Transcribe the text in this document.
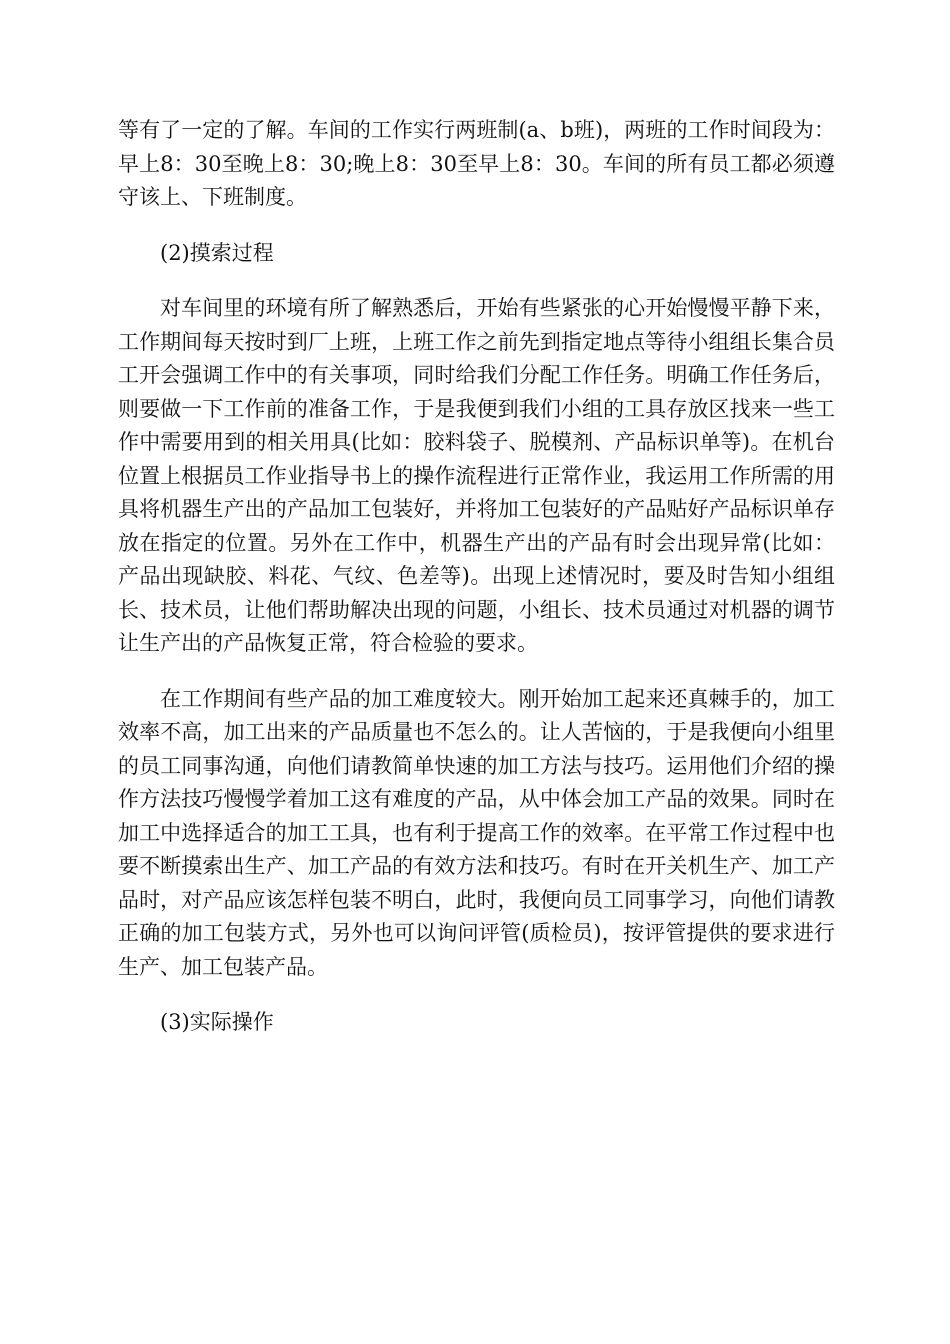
等有了一定的了解。车间的工作实行两班制(a、b班)，两班的工作时间段为：早上8：30至晚上8：30;晚上8：30至早上8：30。车间的所有员工都必须遵守该上、下班制度。

(2)摸索过程

对车间里的环境有所了解熟悉后，开始有些紧张的心开始慢慢平静下来，工作期间每天按时到厂上班，上班工作之前先到指定地点等待小组组长集合员工开会强调工作中的有关事项，同时给我们分配工作任务。明确工作任务后，则要做一下工作前的准备工作，于是我便到我们小组的工具存放区找来一些工作中需要用到的相关用具(比如：胶料袋子、脱模剂、产品标识单等)。在机台位置上根据员工作业指导书上的操作流程进行正常作业，我运用工作所需的用具将机器生产出的产品加工包装好，并将加工包装好的产品贴好产品标识单存放在指定的位置。另外在工作中，机器生产出的产品有时会出现异常(比如：产品出现缺胶、料花、气纹、色差等)。出现上述情况时，要及时告知小组组长、技术员，让他们帮助解决出现的问题，小组长、技术员通过对机器的调节让生产出的产品恢复正常，符合检验的要求。

在工作期间有些产品的加工难度较大。刚开始加工起来还真棘手的，加工效率不高，加工出来的产品质量也不怎么的。让人苦恼的，于是我便向小组里的员工同事沟通，向他们请教简单快速的加工方法与技巧。运用他们介绍的操作方法技巧慢慢学着加工这有难度的产品，从中体会加工产品的效果。同时在加工中选择适合的加工工具，也有利于提高工作的效率。在平常工作过程中也要不断摸索出生产、加工产品的有效方法和技巧。有时在开关机生产、加工产品时，对产品应该怎样包装不明白，此时，我便向员工同事学习，向他们请教正确的加工包装方式，另外也可以询问评管(质检员)，按评管提供的要求进行生产、加工包装产品。

(3)实际操作
